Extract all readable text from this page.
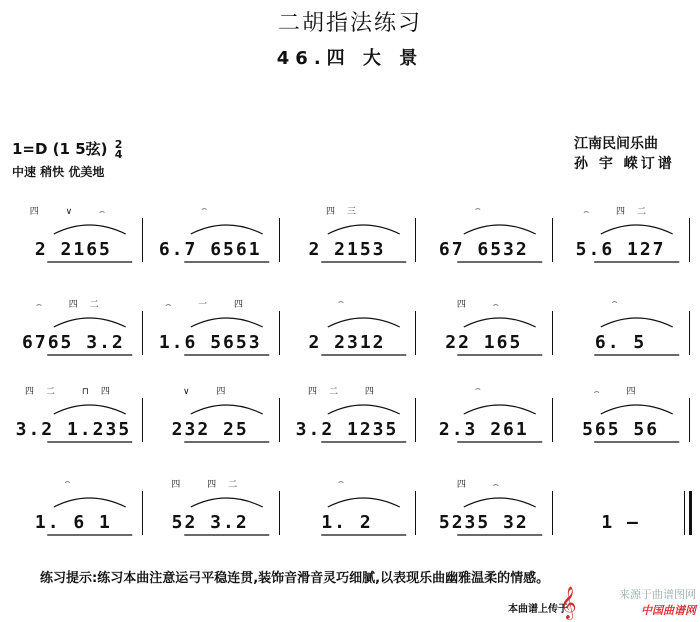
二胡指法练习
46.四 大 景
1=D (1 5弦) 2
4
中速 稍快 优美地
江南民间乐曲
孙 宇 嵘订谱
四 ∨ ⌢
2 2165
⌢
6.7 6561
四三
2 2153
⌢
67 6532
⌢ 四二
5.6 127
⌢ 四二
6765 3.2
⌢ 一 四
1.6 5653
⌢
2 2312
四 ⌢
22 165
⌢
6. 5
四二 ⊓四
3.2 1.235
∨ 四
232 25
四二 四
3.2 1235
⌢
2.3 261
⌢ 四
565 56
⌢
1. 6 1
四 四二
52 3.2
⌢
1. 2
四 ⌢
5235 32	1 –
练习提示:练习本曲注意运弓平稳连贯,装饰音滑音灵巧细腻,以表现乐曲幽雅温柔的情感。
本曲谱上传于
𝄞	来源于曲谱图网
中国曲谱网
